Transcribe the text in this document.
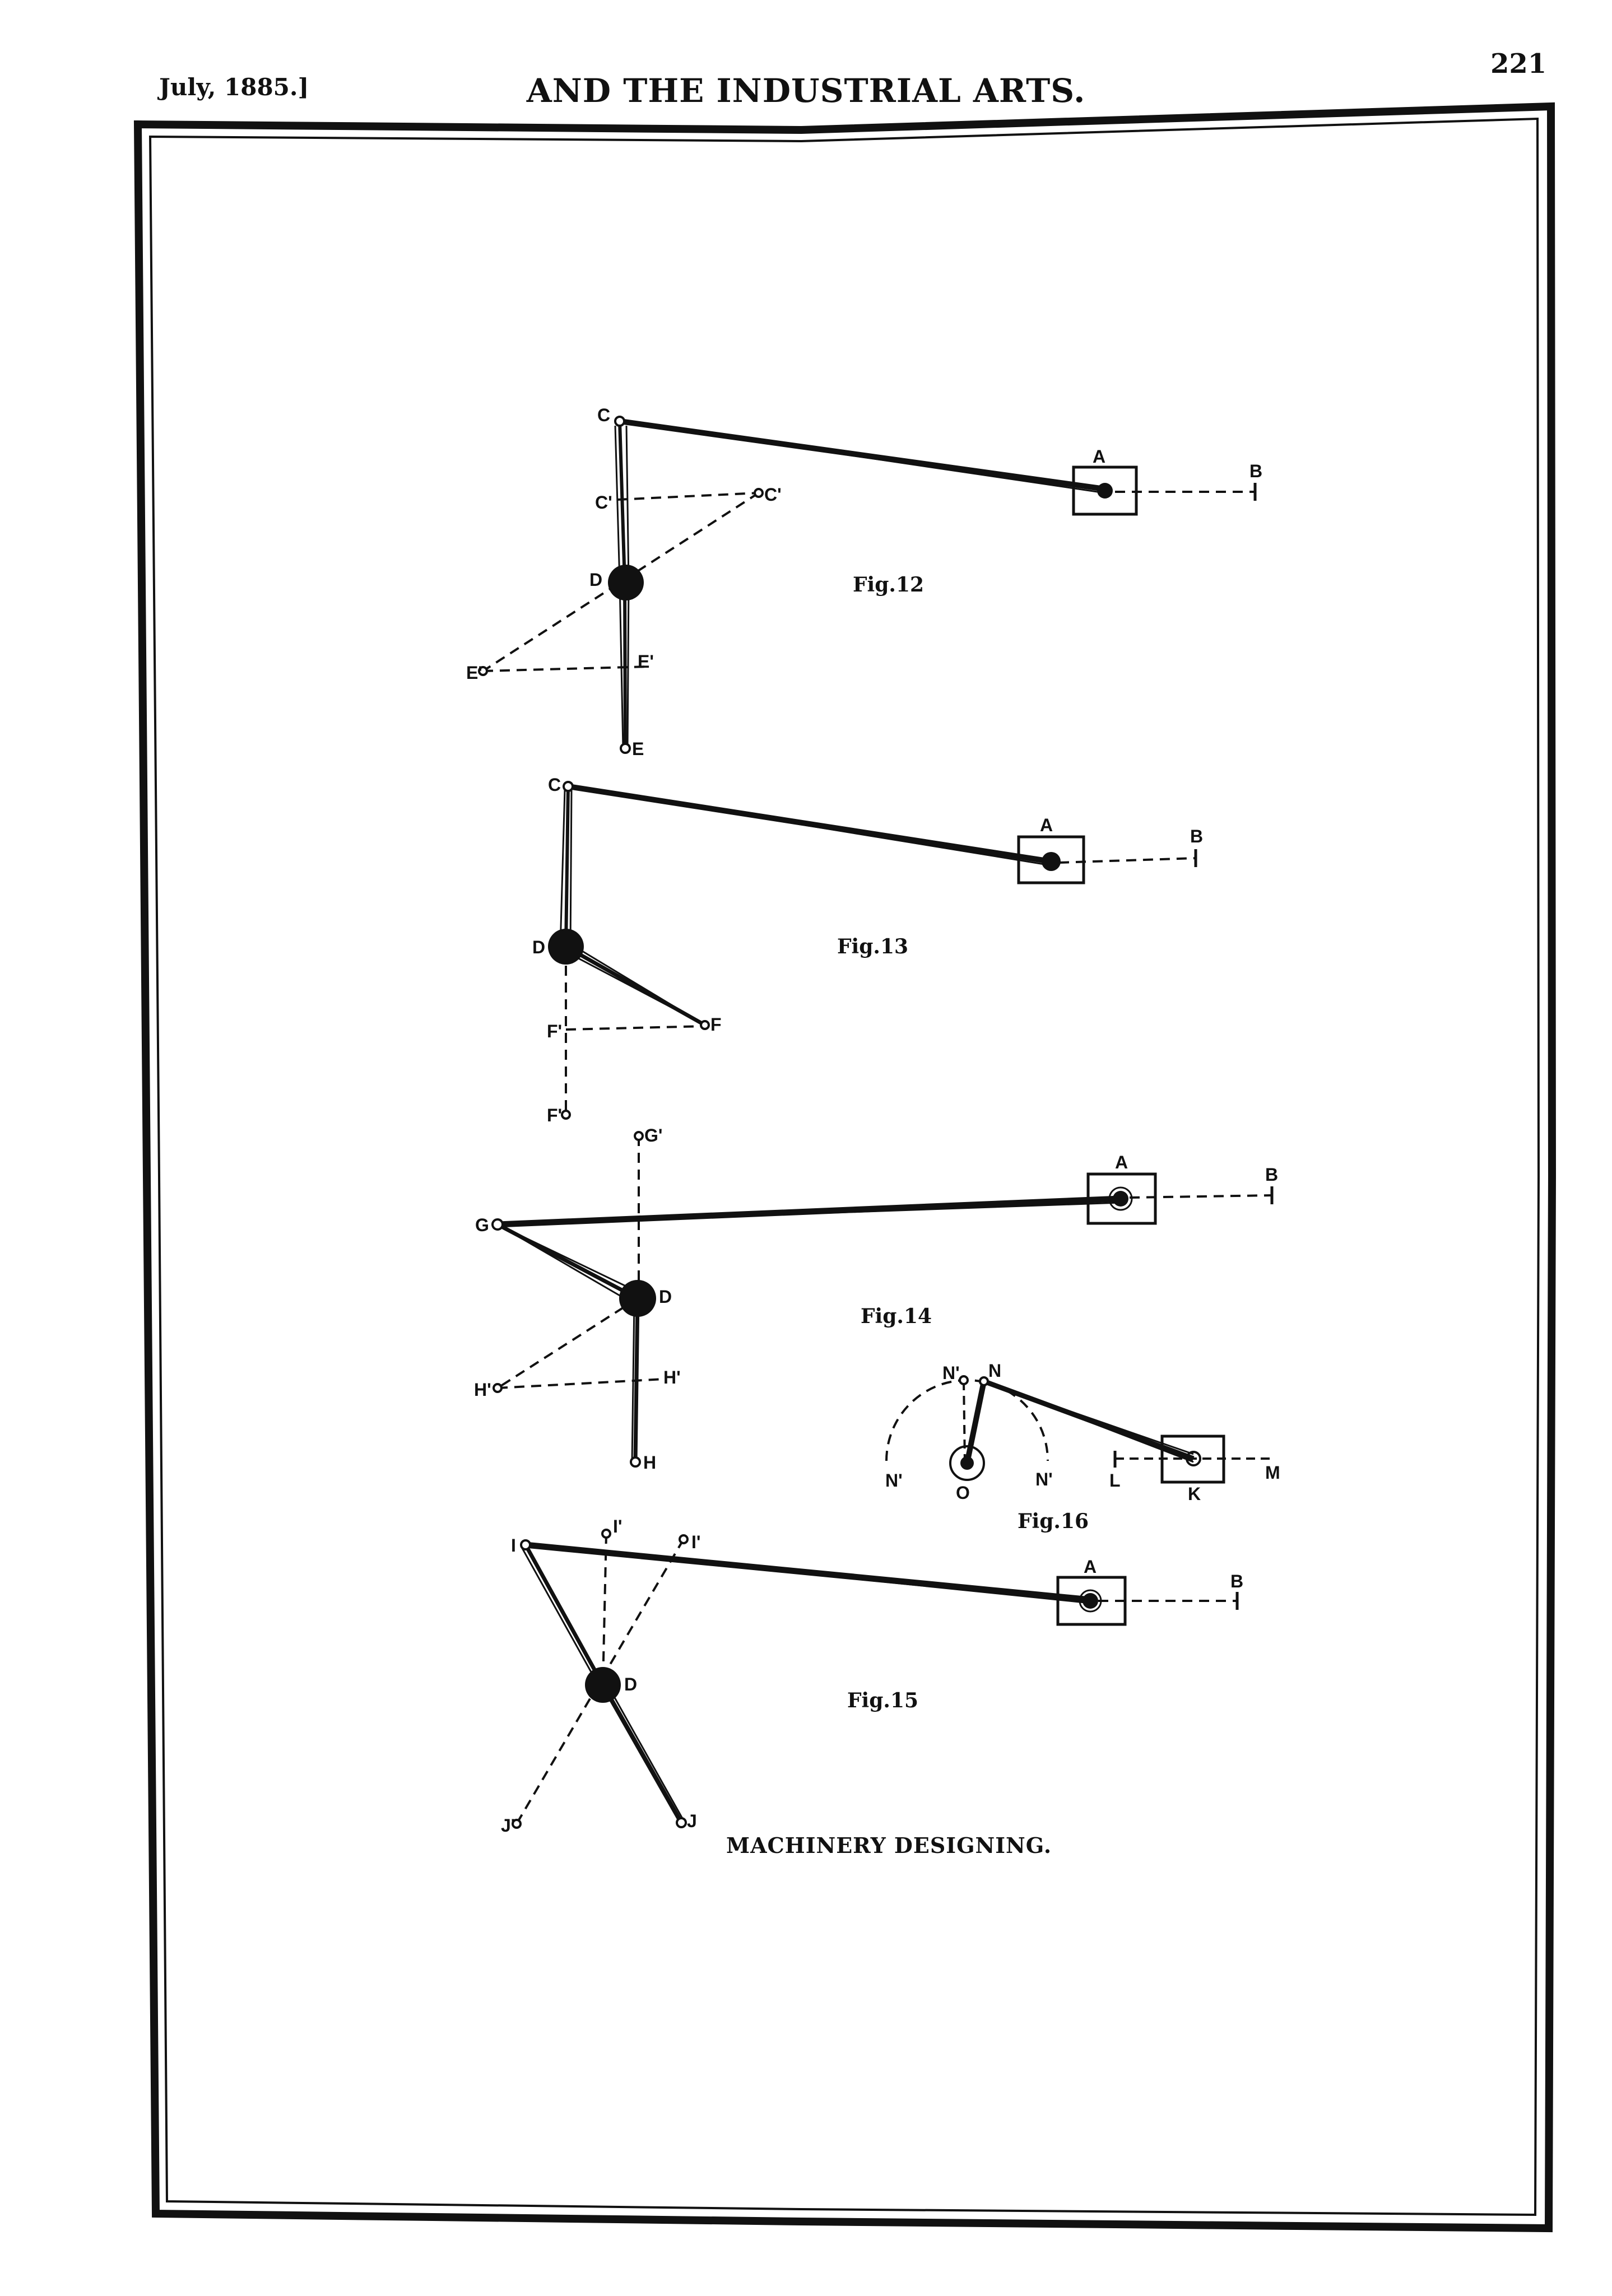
July, 1885.]	AND THE INDUSTRIAL ARTS.
221
C
C'	C'
D
E'
E'
E
A
B
Fig.12
C
A
B
D
F'	F
F'
Fig.13
G'
A
B
G
D
H'
H'
H
Fig.14
N' N
N'	N'
O
L
K
M
Fig.16
I
I'
I'
A
B
D
J'	J
Fig.15
MACHINERY DESIGNING.
